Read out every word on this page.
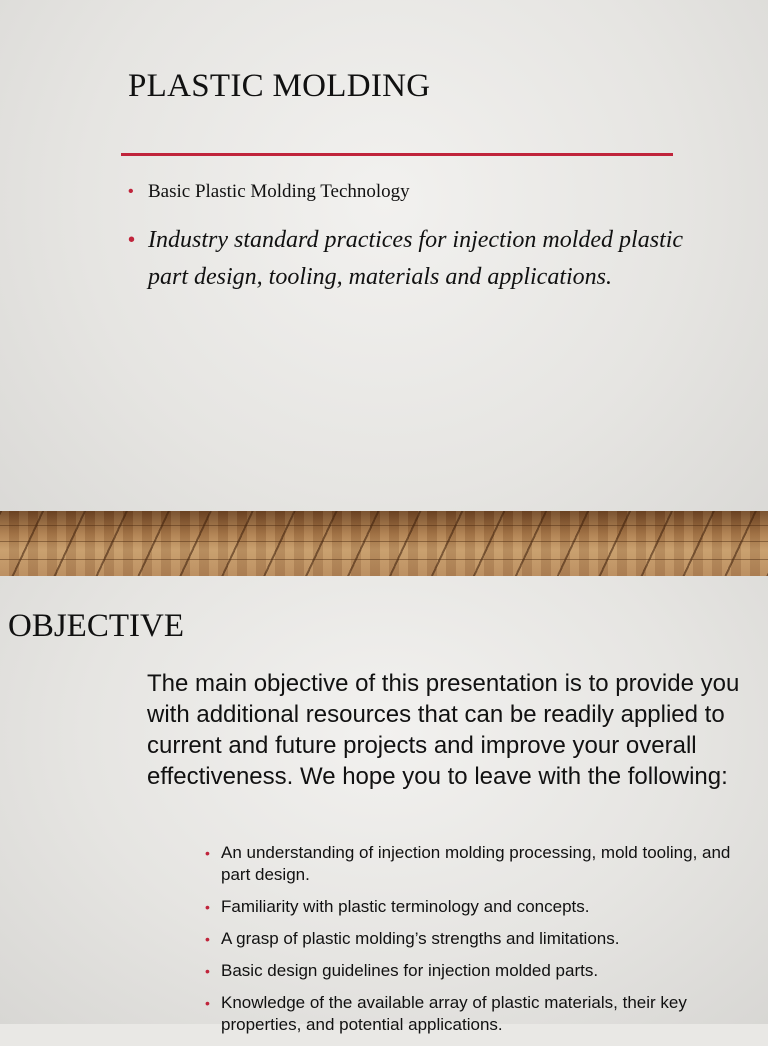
PLASTIC MOLDING
• Basic Plastic Molding Technology
• Industry standard practices for injection molded plastic part design, tooling, materials and applications.
OBJECTIVE

The main objective of this presentation is to provide you with additional resources that can be readily applied to current and future projects and improve your overall effectiveness. We hope you to leave with the following:

• An understanding of injection molding processing, mold tooling, and part design.
• Familiarity with plastic terminology and concepts.
• A grasp of plastic molding’s strengths and limitations.
• Basic design guidelines for injection molded parts.
• Knowledge of the available array of plastic materials, their key properties, and potential applications.
